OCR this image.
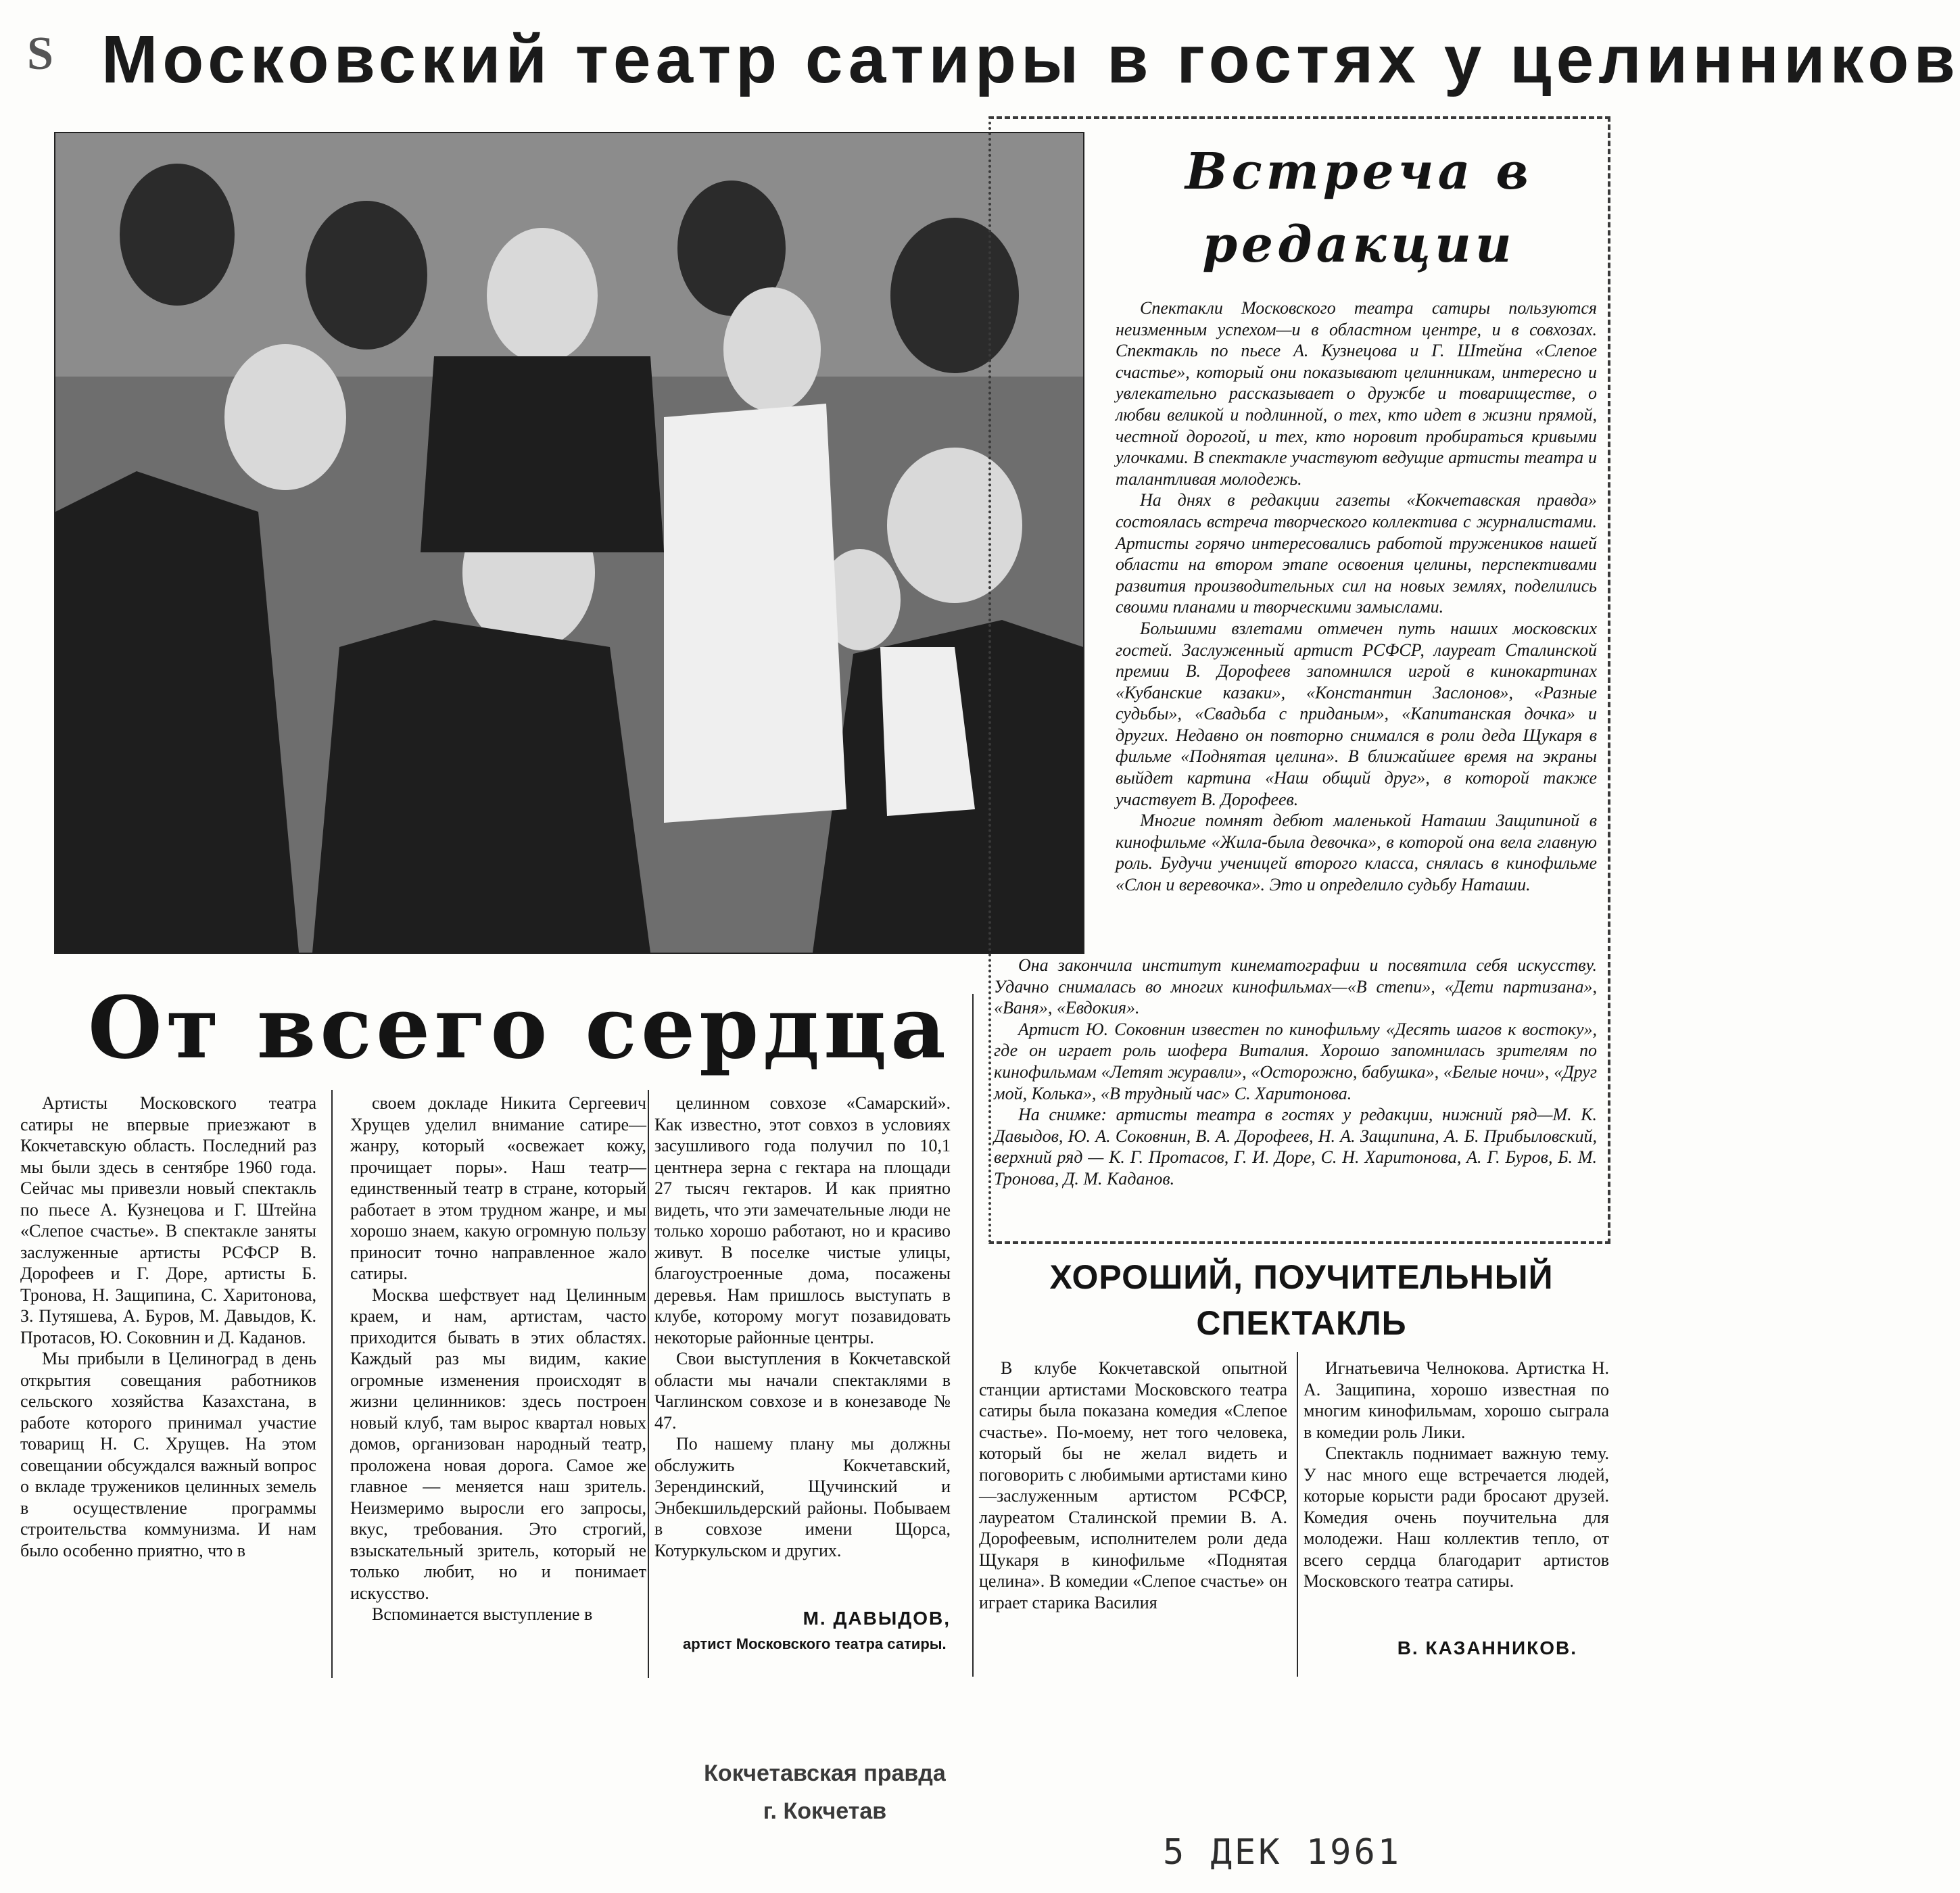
Ѕ Московский театр сатиры в гостях у целинников
Встреча в редакции

Спектакли Московского театра сатиры пользуются неизменным успехом—и в областном центре, и в совхозах. Спектакль по пьесе А. Кузнецова и Г. Штейна «Слепое счастье», который они показывают целинникам, интересно и увлекательно рассказывает о дружбе и товариществе, о любви великой и подлинной, о тех, кто идет в жизни прямой, честной дорогой, и тех, кто норовит пробираться кривыми улочками. В спектакле участвуют ведущие артисты театра и талантливая молодежь.

На днях в редакции газеты «Кокчетавская правда» состоялась встреча творческого коллектива с журналистами. Артисты горячо интересовались работой тружеников нашей области на втором этапе освоения целины, перспективами развития производительных сил на новых землях, поделились своими планами и творческими замыслами.

Большими взлетами отмечен путь наших московских гостей. Заслуженный артист РСФСР, лауреат Сталинской премии В. Дорофеев запомнился игрой в кинокартинах «Кубанские казаки», «Константин Заслонов», «Разные судьбы», «Свадьба с приданым», «Капитанская дочка» и других. Недавно он повторно снимался в роли деда Щукаря в фильме «Поднятая целина». В ближайшее время на экраны выйдет картина «Наш общий друг», в которой также участвует В. Дорофеев.

Многие помнят дебют маленькой Наташи Защипиной в кинофильме «Жила-была девочка», в которой она вела главную роль. Будучи ученицей второго класса, снялась в кинофильме «Слон и веревочка». Это и определило судьбу Наташи.

Она закончила институт кинематографии и посвятила себя искусству. Удачно снималась во многих кинофильмах—«В степи», «Дети партизана», «Ваня», «Евдокия».

Артист Ю. Соковнин известен по кинофильму «Десять шагов к востоку», где он играет роль шофера Виталия. Хорошо запомнилась зрителям по кинофильмам «Летят журавли», «Осторожно, бабушка», «Белые ночи», «Друг мой, Колька», «В трудный час» С. Харитонова.

На снимке: артисты театра в гостях у редакции, нижний ряд—М. К. Давыдов, Ю. А. Соковнин, В. А. Дорофеев, Н. А. Защипина, А. Б. Прибыловский, верхний ряд — К. Г. Протасов, Г. И. Доре, С. Н. Харитонова, А. Г. Буров, Б. М. Тронова, Д. М. Каданов.

От всего сердца

Артисты Московского театра сатиры не впервые приезжают в Кокчетавскую область. Последний раз мы были здесь в сентябре 1960 года. Сейчас мы привезли новый спектакль по пьесе А. Кузнецова и Г. Штейна «Слепое счастье». В спектакле заняты заслуженные артисты РСФСР В. Дорофеев и Г. Доре, артисты Б. Тронова, Н. Защипина, С. Харитонова, З. Путяшева, А. Буров, М. Давыдов, К. Протасов, Ю. Соковнин и Д. Каданов.

Мы прибыли в Целиноград в день открытия совещания работников сельского хозяйства Казахстана, в работе которого принимал участие товарищ Н. С. Хрущев. На этом совещании обсуждался важный вопрос о вкладе тружеников целинных земель в осуществление программы строительства коммунизма. И нам было особенно приятно, что в

своем докладе Никита Сергеевич Хрущев уделил внимание сатире—жанру, который «освежает кожу, прочищает поры». Наш театр—единственный театр в стране, который работает в этом трудном жанре, и мы хорошо знаем, какую огромную пользу приносит точно направленное жало сатиры.

Москва шефствует над Целинным краем, и нам, артистам, часто приходится бывать в этих областях. Каждый раз мы видим, какие огромные изменения происходят в жизни целинников: здесь построен новый клуб, там вырос квартал новых домов, организован народный театр, проложена новая дорога. Самое же главное — меняется наш зритель. Неизмеримо выросли его запросы, вкус, требования. Это строгий, взыскательный зритель, который не только любит, но и понимает искусство.

Вспоминается выступление в

целинном совхозе «Самарский». Как известно, этот совхоз в условиях засушливого года получил по 10,1 центнера зерна с гектара на площади 27 тысяч гектаров. И как приятно видеть, что эти замечательные люди не только хорошо работают, но и красиво живут. В поселке чистые улицы, благоустроенные дома, посажены деревья. Нам пришлось выступать в клубе, которому могут позавидовать некоторые районные центры.

Свои выступления в Кокчетавской области мы начали спектаклями в Чаглинском совхозе и в конезаводе № 47.

По нашему плану мы должны обслужить Кокчетавский, Зерендинский, Щучинский и Энбекшильдерский районы. Побываем в совхозе имени Щорса, Котуркульском и других.

М. ДАВЫДОВ,
артист Московского театра сатиры.
ХОРОШИЙ, ПОУЧИТЕЛЬНЫЙ СПЕКТАКЛЬ

В клубе Кокчетавской опытной станции артистами Московского театра сатиры была показана комедия «Слепое счастье». По-моему, нет того человека, который бы не желал видеть и поговорить с любимыми артистами кино—заслуженным артистом РСФСР, лауреатом Сталинской премии В. А. Дорофеевым, исполнителем роли деда Щукаря в кинофильме «Поднятая целина». В комедии «Слепое счастье» он играет старика Василия

Игнатьевича Челнокова. Артистка Н. А. Защипина, хорошо известная по многим кинофильмам, хорошо сыграла в комедии роль Лики.

Спектакль поднимает важную тему. У нас много еще встречается людей, которые корысти ради бросают друзей. Комедия очень поучительна для молодежи. Наш коллектив тепло, от всего сердца благодарит артистов Московского театра сатиры.

В. КАЗАННИКОВ.
Кокчетавская правда
г. Кокчетав
5 ДЕК 1961
